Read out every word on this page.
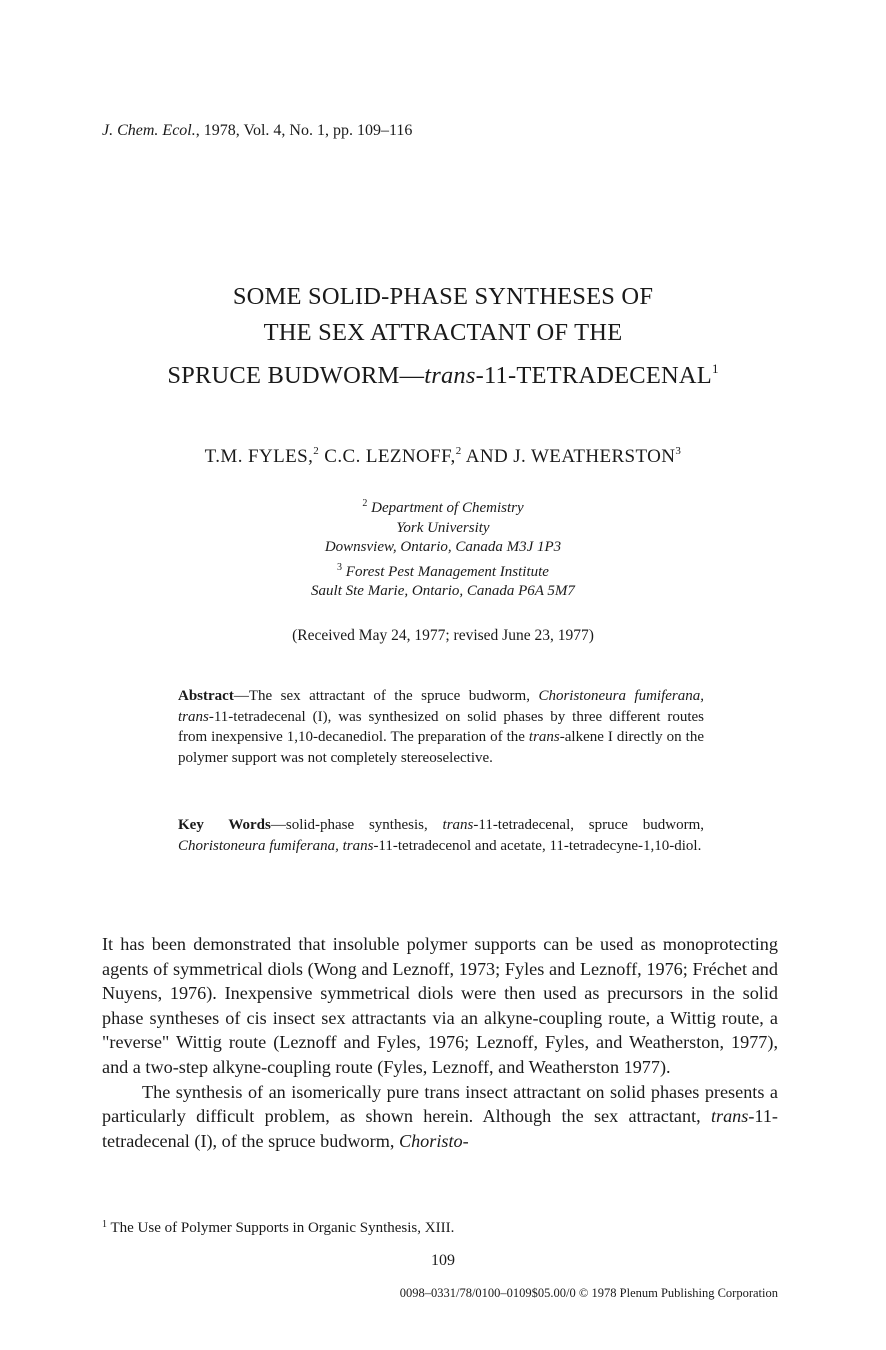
J. Chem. Ecol., 1978, Vol. 4, No. 1, pp. 109–116
SOME SOLID-PHASE SYNTHESES OF
THE SEX ATTRACTANT OF THE
SPRUCE BUDWORM—trans-11-TETRADECENAL$^1$
T.M. FYLES,$^2$ C.C. LEZNOFF,$^2$ AND J. WEATHERSTON$^3$
$^2$ Department of Chemistry
York University
Downsview, Ontario, Canada M3J 1P3
$^3$ Forest Pest Management Institute
Sault Ste Marie, Ontario, Canada P6A 5M7
(Received May 24, 1977; revised June 23, 1977)
Abstract—The sex attractant of the spruce budworm, Choristoneura fumiferana, trans-11-tetradecenal (I), was synthesized on solid phases by three different routes from inexpensive 1,10-decanediol. The preparation of the trans-alkene I directly on the polymer support was not completely stereoselective.
Key Words—solid-phase synthesis, trans-11-tetradecenal, spruce budworm, Choristoneura fumiferana, trans-11-tetradecenol and acetate, 11-tetradecyne-1,10-diol.

It has been demonstrated that insoluble polymer supports can be used as monoprotecting agents of symmetrical diols (Wong and Leznoff, 1973; Fyles and Leznoff, 1976; Fréchet and Nuyens, 1976). Inexpensive symmetrical diols were then used as precursors in the solid phase syntheses of cis insect sex attractants via an alkyne-coupling route, a Wittig route, a "reverse" Wittig route (Leznoff and Fyles, 1976; Leznoff, Fyles, and Weatherston, 1977), and a two-step alkyne-coupling route (Fyles, Leznoff, and Weatherston 1977).

The synthesis of an isomerically pure trans insect attractant on solid phases presents a particularly difficult problem, as shown herein. Although the sex attractant, trans-11-tetradecenal (I), of the spruce budworm, Choristo-

$^1$ The Use of Polymer Supports in Organic Synthesis, XIII.
109
0098–0331/78/0100–0109$05.00/0 © 1978 Plenum Publishing Corporation
